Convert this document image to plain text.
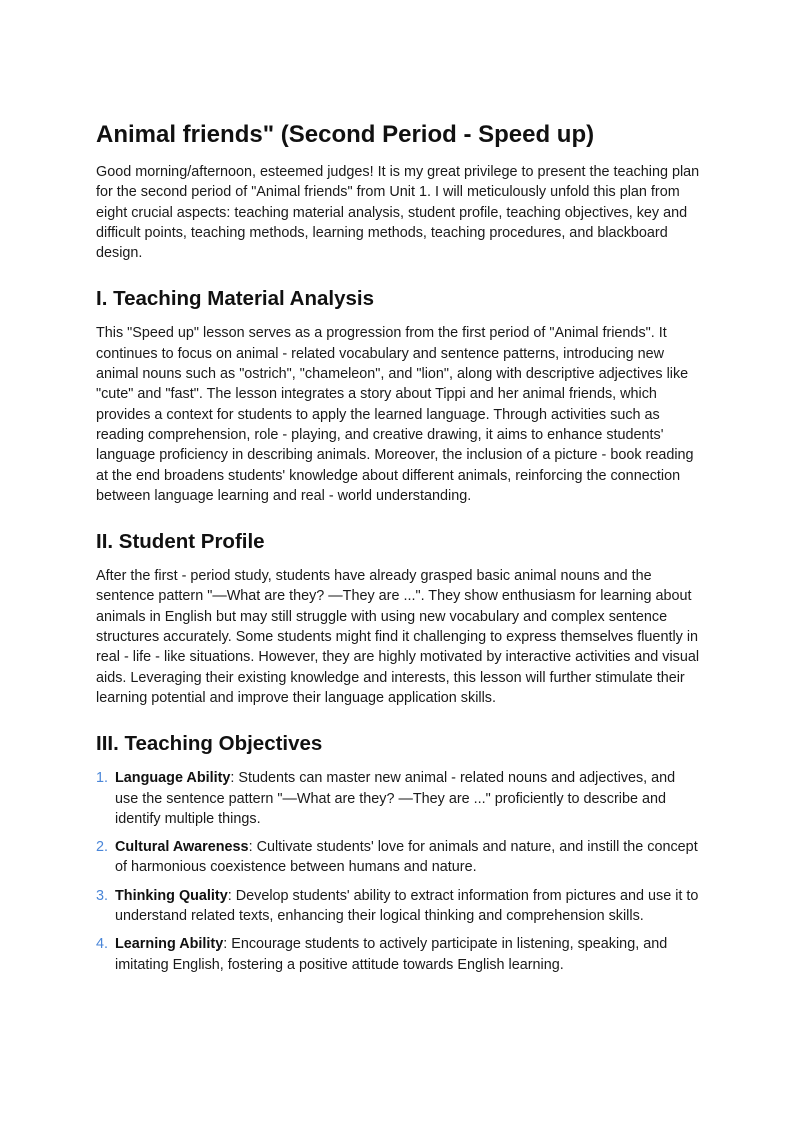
Animal friends" (Second Period - Speed up)

Good morning/afternoon, esteemed judges! It is my great privilege to present the teaching plan for the second period of "Animal friends" from Unit 1. I will meticulously unfold this plan from eight crucial aspects: teaching material analysis, student profile, teaching objectives, key and difficult points, teaching methods, learning methods, teaching procedures, and blackboard design.

I. Teaching Material Analysis

This "Speed up" lesson serves as a progression from the first period of "Animal friends". It continues to focus on animal - related vocabulary and sentence patterns, introducing new animal nouns such as "ostrich", "chameleon", and "lion", along with descriptive adjectives like "cute" and "fast". The lesson integrates a story about Tippi and her animal friends, which provides a context for students to apply the learned language. Through activities such as reading comprehension, role - playing, and creative drawing, it aims to enhance students' language proficiency in describing animals. Moreover, the inclusion of a picture - book reading at the end broadens students' knowledge about different animals, reinforcing the connection between language learning and real - world understanding.

II. Student Profile

After the first - period study, students have already grasped basic animal nouns and the sentence pattern "—What are they? —They are ...". They show enthusiasm for learning about animals in English but may still struggle with using new vocabulary and complex sentence structures accurately. Some students might find it challenging to express themselves fluently in real - life - like situations. However, they are highly motivated by interactive activities and visual aids. Leveraging their existing knowledge and interests, this lesson will further stimulate their learning potential and improve their language application skills.

III. Teaching Objectives
1. Language Ability: Students can master new animal - related nouns and adjectives, and use the sentence pattern "—What are they? —They are ..." proficiently to describe and identify multiple things.
2. Cultural Awareness: Cultivate students' love for animals and nature, and instill the concept of harmonious coexistence between humans and nature.
3. Thinking Quality: Develop students' ability to extract information from pictures and use it to understand related texts, enhancing their logical thinking and comprehension skills.
4. Learning Ability: Encourage students to actively participate in listening, speaking, and imitating English, fostering a positive attitude towards English learning.
